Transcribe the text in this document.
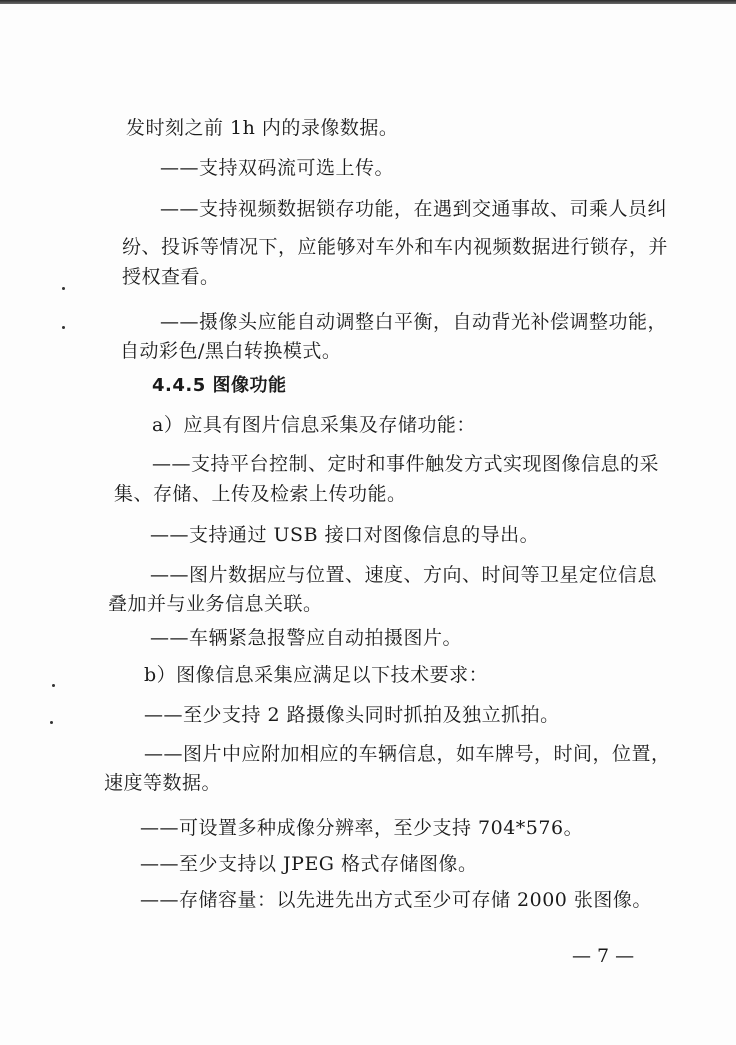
发时刻之前 1h 内的录像数据。
——支持双码流可选上传。
——支持视频数据锁存功能，在遇到交通事故、司乘人员纠
纷、投诉等情况下，应能够对车外和车内视频数据进行锁存，并
授权查看。
——摄像头应能自动调整白平衡，自动背光补偿调整功能，
自动彩色/黑白转换模式。
4.4.5 图像功能
a）应具有图片信息采集及存储功能：
——支持平台控制、定时和事件触发方式实现图像信息的采
集、存储、上传及检索上传功能。
——支持通过 USB 接口对图像信息的导出。
——图片数据应与位置、速度、方向、时间等卫星定位信息
叠加并与业务信息关联。
——车辆紧急报警应自动拍摄图片。
b）图像信息采集应满足以下技术要求：
——至少支持 2 路摄像头同时抓拍及独立抓拍。
——图片中应附加相应的车辆信息，如车牌号，时间，位置，
速度等数据。
——可设置多种成像分辨率，至少支持 704*576。
——至少支持以 JPEG 格式存储图像。
——存储容量：以先进先出方式至少可存储 2000 张图像。
— 7 —
